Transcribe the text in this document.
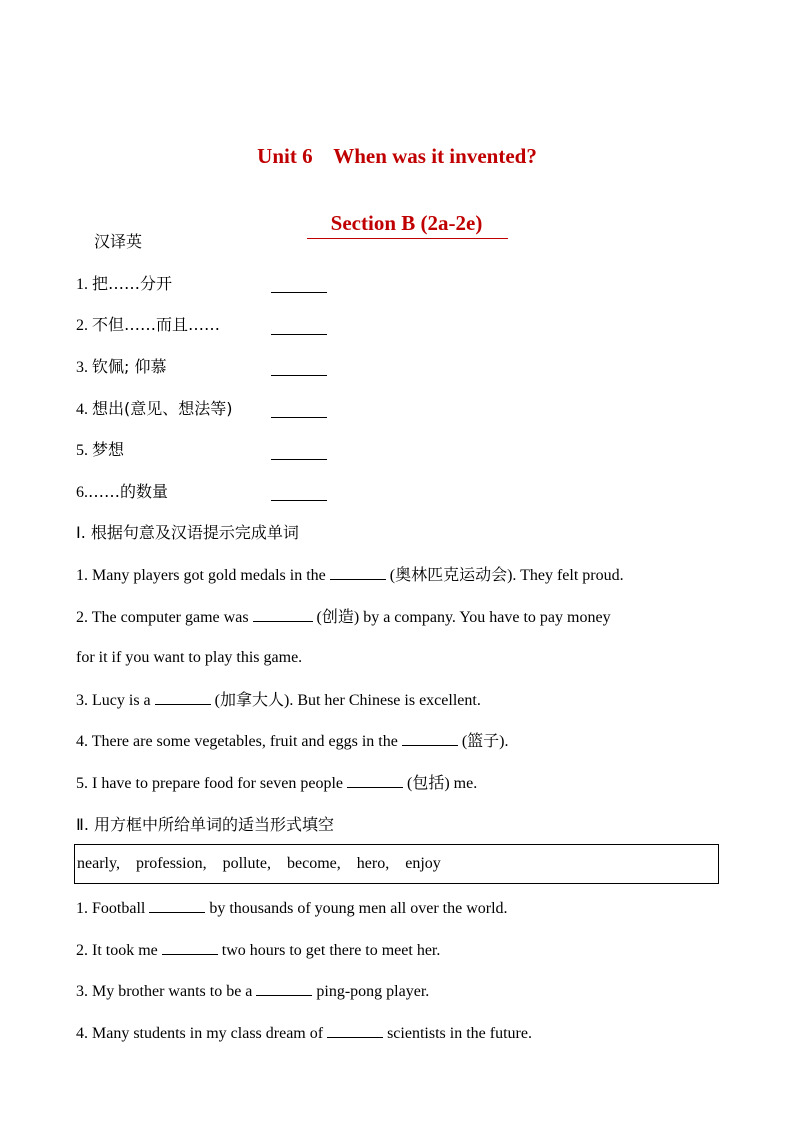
Unit 6    When was it invented?

Section B (2a-2e)

汉译英
1. 把……分开
2. 不但……而且……
3. 钦佩; 仰慕
4. 想出(意见、想法等)
5. 梦想
6.……的数量
Ⅰ. 根据句意及汉语提示完成单词
1. Many players got gold medals in the	(奥林匹克运动会). They felt proud.
2. The computer game was	(创造) by a company. You have to pay money
for it if you want to play this game.
3. Lucy is a	(加拿大人). But her Chinese is excellent.
4. There are some vegetables, fruit and eggs in the	(篮子).
5. I have to prepare food for seven people	(包括) me.
Ⅱ. 用方框中所给单词的适当形式填空
nearly,    profession,    pollute,    become,    hero,    enjoy
1. Football	by thousands of young men all over the world.
2. It took me	two hours to get there to meet her.
3. My brother wants to be a	ping-pong player.
4. Many students in my class dream of	scientists in the future.
